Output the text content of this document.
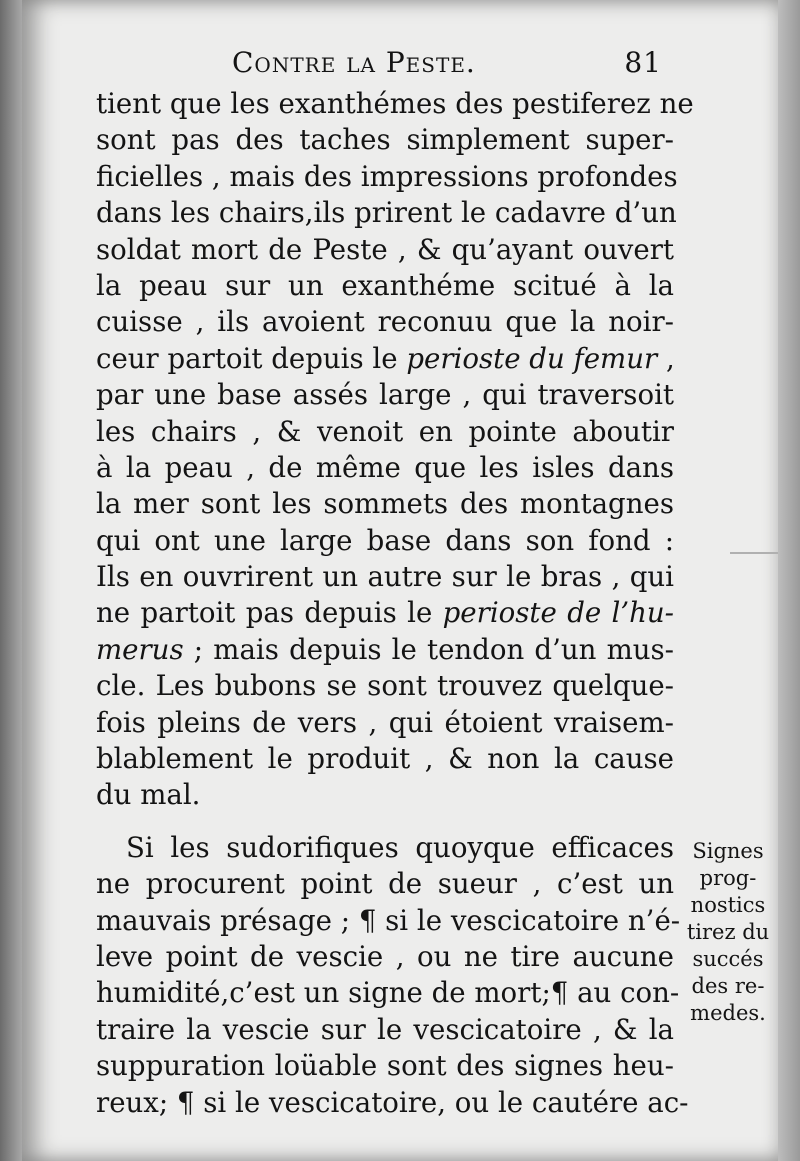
Contre la Peste.	81
tient que les exanthémes des pestiferez ne
sont pas des taches simplement super-
ficielles , mais des impressions profondes
dans les chairs,ils prirent le cadavre d’un
soldat mort de Peste , & qu’ayant ouvert
la peau sur un exanthéme scitué à la
cuisse , ils avoient reconuu que la noir-
ceur partoit depuis le perioste du femur ,
par une base assés large , qui traversoit
les chairs , & venoit en pointe aboutir
à la peau , de même que les isles dans
la mer sont les sommets des montagnes
qui ont une large base dans son fond :
Ils en ouvrirent un autre sur le bras , qui
ne partoit pas depuis le perioste de l’hu-
merus ; mais depuis le tendon d’un mus-
cle. Les bubons se sont trouvez quelque-
fois pleins de vers , qui étoient vraisem-
blablement le produit , & non la cause
du mal.
Si les sudorifiques quoyque efficaces
ne procurent point de sueur , c’est un
mauvais présage ; ¶ si le vescicatoire n’é-
leve point de vescie , ou ne tire aucune
humidité,c’est un signe de mort;¶ au con-
traire la vescie sur le vescicatoire , & la
suppuration loüable sont des signes heu-
reux; ¶ si le vescicatoire, ou le cautére ac-
Signes
prog-
nostics
tirez du
succés
des re-
medes.
